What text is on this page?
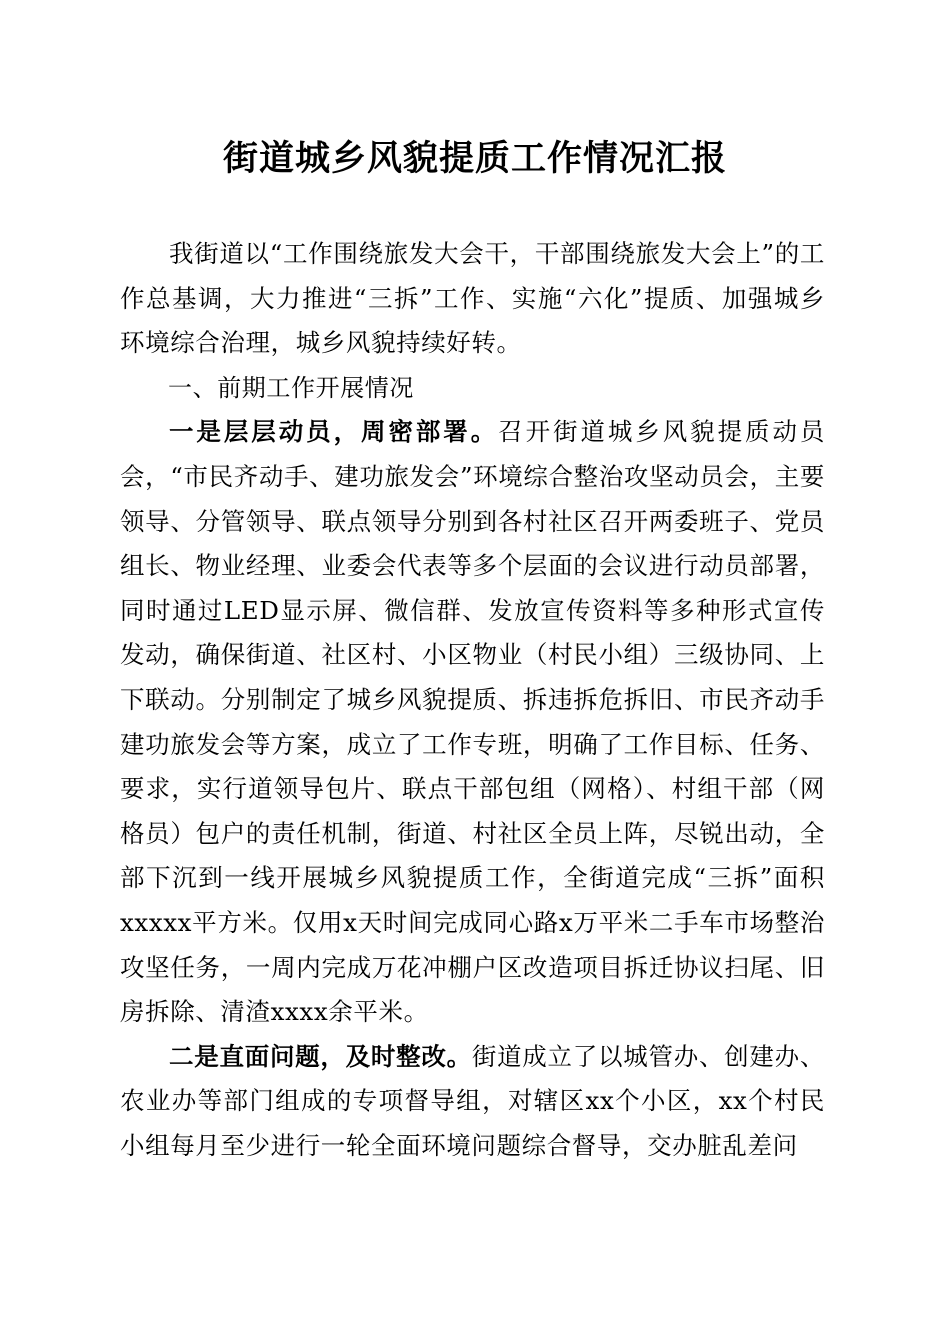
街道城乡风貌提质工作情况汇报

我街道以“工作围绕旅发大会干，干部围绕旅发大会上”的工作总基调，大力推进“三拆”工作、实施“六化”提质、加强城乡环境综合治理，城乡风貌持续好转。

一、前期工作开展情况

一是层层动员，周密部署。召开街道城乡风貌提质动员会，“市民齐动手、建功旅发会”环境综合整治攻坚动员会，主要领导、分管领导、联点领导分别到各村社区召开两委班子、党员组长、物业经理、业委会代表等多个层面的会议进行动员部署，同时通过LED显示屏、微信群、发放宣传资料等多种形式宣传发动，确保街道、社区村、小区物业（村民小组）三级协同、上下联动。分别制定了城乡风貌提质、拆违拆危拆旧、市民齐动手建功旅发会等方案，成立了工作专班，明确了工作目标、任务、要求，实行道领导包片、联点干部包组（网格）、村组干部（网格员）包户的责任机制，街道、村社区全员上阵，尽锐出动，全部下沉到一线开展城乡风貌提质工作，全街道完成“三拆”面积xxxxx平方米。仅用x天时间完成同心路x万平米二手车市场整治攻坚任务，一周内完成万花冲棚户区改造项目拆迁协议扫尾、旧房拆除、清渣xxxx余平米。

二是直面问题，及时整改。街道成立了以城管办、创建办、农业办等部门组成的专项督导组，对辖区xx个小区，xx个村民小组每月至少进行一轮全面环境问题综合督导，交办脏乱差问
